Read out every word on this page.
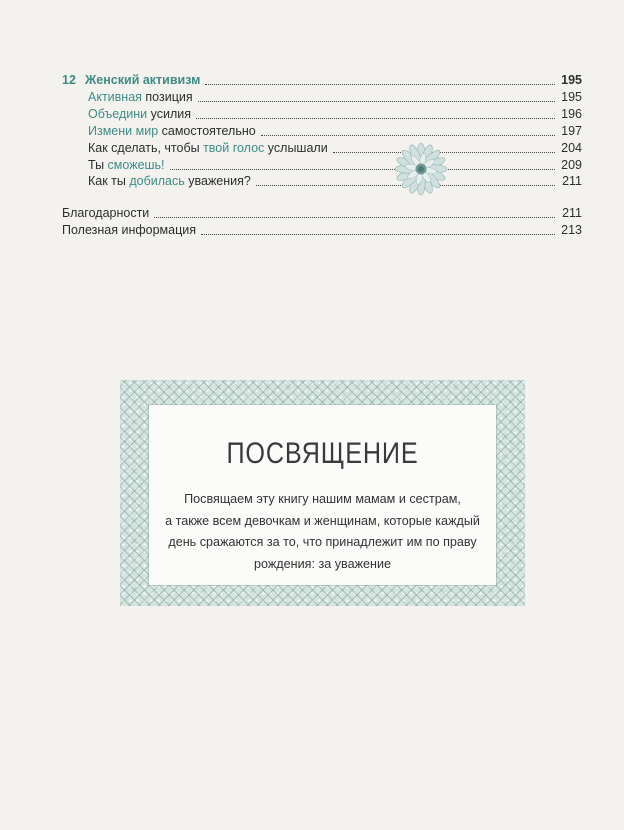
12 Женский активизм	195
Активная позиция	195
Объедини усилия	196
Измени мир самостоятельно	197
Как сделать, чтобы твой голос услышали	204
Ты сможешь!	209
Как ты добилась уважения?	211
Благодарности	211
Полезная информация	213
ПОСВЯЩЕНИЕ
Посвящаем эту книгу нашим мамам и сестрам,
а также всем девочкам и женщинам, которые каждый
день сражаются за то, что принадлежит им по праву
рождения: за уважение
